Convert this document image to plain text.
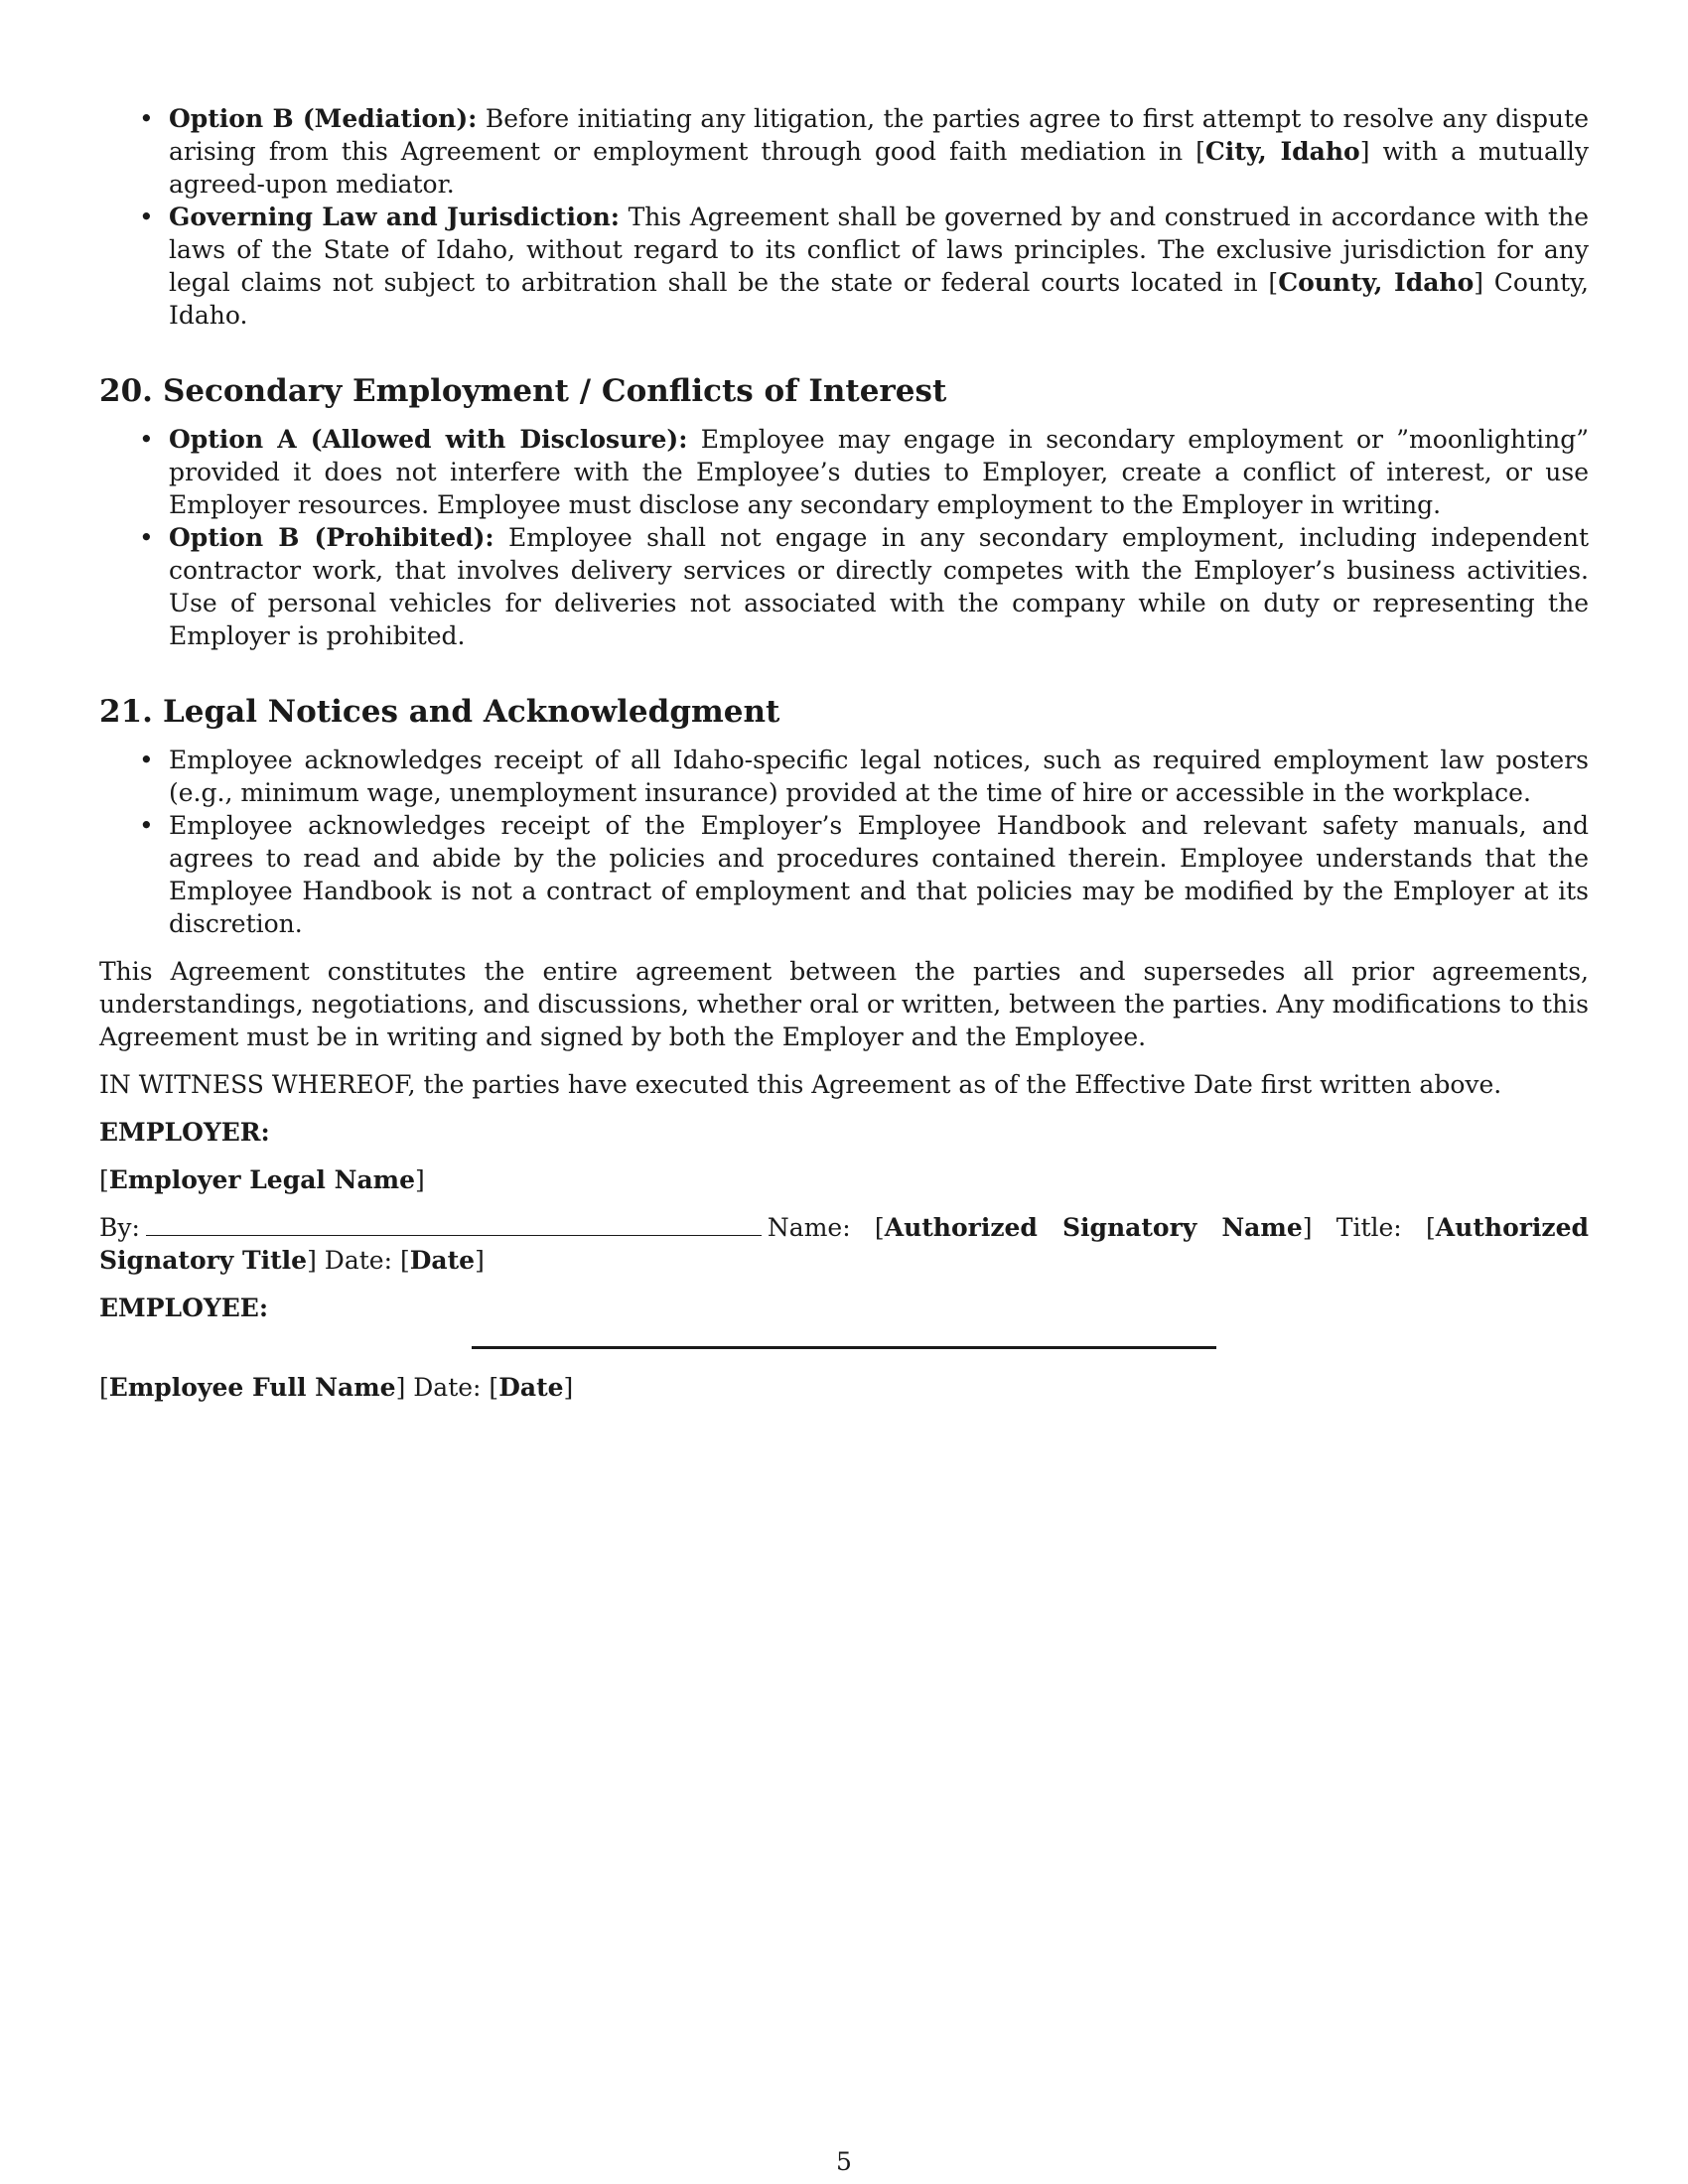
• Option B (Mediation): Before initiating any litigation, the parties agree to first attempt to resolve any dispute arising from this Agreement or employment through good faith mediation in [City, Idaho] with a mutually agreed-upon mediator.
• Governing Law and Jurisdiction: This Agreement shall be governed by and construed in accordance with the laws of the State of Idaho, without regard to its conflict of laws principles. The exclusive jurisdiction for any legal claims not subject to arbitration shall be the state or federal courts located in [County, Idaho] County, Idaho.
20. Secondary Employment / Conflicts of Interest
• Option A (Allowed with Disclosure): Employee may engage in secondary employment or ”moonlighting” provided it does not interfere with the Employee’s duties to Employer, create a conflict of interest, or use Employer resources. Employee must disclose any secondary employment to the Employer in writing.
• Option B (Prohibited): Employee shall not engage in any secondary employment, including independent contractor work, that involves delivery services or directly competes with the Employer’s business activities. Use of personal vehicles for deliveries not associated with the company while on duty or representing the Employer is prohibited.
21. Legal Notices and Acknowledgment
• Employee acknowledges receipt of all Idaho-specific legal notices, such as required employment law posters (e.g., minimum wage, unemployment insurance) provided at the time of hire or accessible in the workplace.
• Employee acknowledges receipt of the Employer’s Employee Handbook and relevant safety manuals, and agrees to read and abide by the policies and procedures contained therein. Employee understands that the Employee Handbook is not a contract of employment and that policies may be modified by the Employer at its discretion.

This Agreement constitutes the entire agreement between the parties and supersedes all prior agreements, understandings, negotiations, and discussions, whether oral or written, between the parties. Any modifications to this Agreement must be in writing and signed by both the Employer and the Employee.

IN WITNESS WHEREOF, the parties have executed this Agreement as of the Effective Date first written above.

EMPLOYER:

[Employer Legal Name]

By:	Name: [Authorized Signatory Name] Title: [Authorized Signatory Title] Date: [Date]

EMPLOYEE:

[Employee Full Name] Date: [Date]

5
